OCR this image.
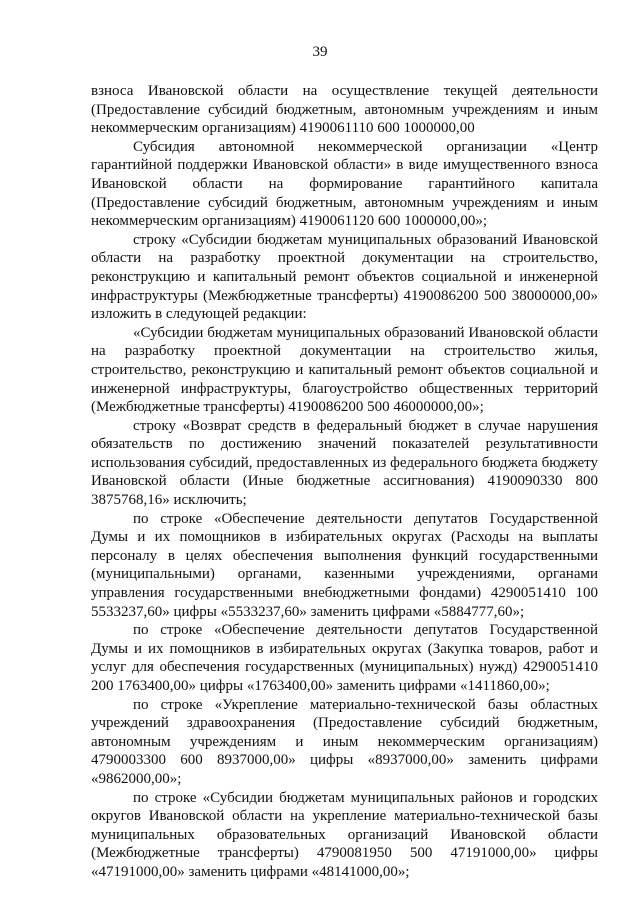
39

взноса Ивановской области на осуществление текущей деятельности (Предоставление субсидий бюджетным, автономным учреждениям и иным некоммерческим организациям) 4190061110 600 1000000,00

Субсидия автономной некоммерческой организации «Центр гарантийной поддержки Ивановской области» в виде имущественного взноса Ивановской области на формирование гарантийного капитала (Предоставление субсидий бюджетным, автономным учреждениям и иным некоммерческим организациям) 4190061120 600 1000000,00»;

строку «Субсидии бюджетам муниципальных образований Ивановской области на разработку проектной документации на строительство, реконструкцию и капитальный ремонт объектов социальной и инженерной инфраструктуры (Межбюджетные трансферты) 4190086200 500 38000000,00» изложить в следующей редакции:

«Субсидии бюджетам муниципальных образований Ивановской области на разработку проектной документации на строительство жилья, строительство, реконструкцию и капитальный ремонт объектов социальной и инженерной инфраструктуры, благоустройство общественных территорий (Межбюджетные трансферты) 4190086200 500 46000000,00»;

строку «Возврат средств в федеральный бюджет в случае нарушения обязательств по достижению значений показателей результативности использования субсидий, предоставленных из федерального бюджета бюджету Ивановской области (Иные бюджетные ассигнования) 4190090330 800 3875768,16» исключить;

по строке «Обеспечение деятельности депутатов Государственной Думы и их помощников в избирательных округах (Расходы на выплаты персоналу в целях обеспечения выполнения функций государственными (муниципальными) органами, казенными учреждениями, органами управления государственными внебюджетными фондами) 4290051410 100 5533237,60» цифры «5533237,60» заменить цифрами «5884777,60»;

по строке «Обеспечение деятельности депутатов Государственной Думы и их помощников в избирательных округах (Закупка товаров, работ и услуг для обеспечения государственных (муниципальных) нужд) 4290051410 200 1763400,00» цифры «1763400,00» заменить цифрами «1411860,00»;

по строке «Укрепление материально-технической базы областных учреждений здравоохранения (Предоставление субсидий бюджетным, автономным учреждениям и иным некоммерческим организациям) 4790003300 600 8937000,00» цифры «8937000,00» заменить цифрами «9862000,00»;

по строке «Субсидии бюджетам муниципальных районов и городских округов Ивановской области на укрепление материально-технической базы муниципальных образовательных организаций Ивановской области (Межбюджетные трансферты) 4790081950 500 47191000,00» цифры «47191000,00» заменить цифрами «48141000,00»;
